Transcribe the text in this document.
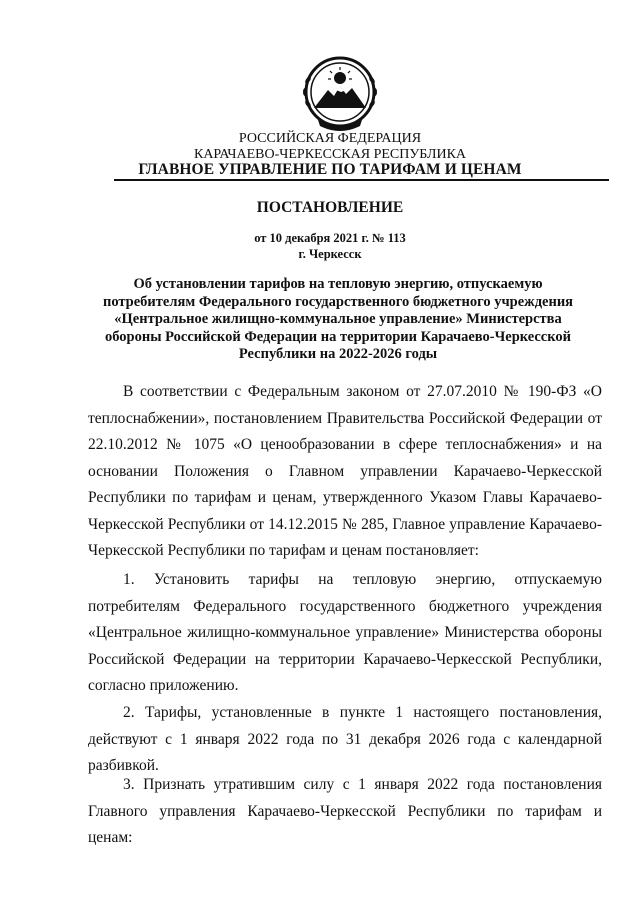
РОССИЙСКАЯ ФЕДЕРАЦИЯ
КАРАЧАЕВО-ЧЕРКЕССКАЯ РЕСПУБЛИКА
ГЛАВНОЕ УПРАВЛЕНИЕ ПО ТАРИФАМ И ЦЕНАМ
ПОСТАНОВЛЕНИЕ
от 10 декабря 2021 г. № 113
г. Черкесск
Об установлении тарифов на тепловую энергию, отпускаемую потребителям Федерального государственного бюджетного учреждения «Центральное жилищно-коммунальное управление» Министерства обороны Российской Федерации на территории Карачаево-Черкесской Республики на 2022-2026 годы

В соответствии с Федеральным законом от 27.07.2010 № 190-ФЗ «О теплоснабжении», постановлением Правительства Российской Федерации от 22.10.2012 № 1075 «О ценообразовании в сфере теплоснабжения» и на основании Положения о Главном управлении Карачаево-Черкесской Республики по тарифам и ценам, утвержденного Указом Главы Карачаево-Черкесской Республики от 14.12.2015 № 285, Главное управление Карачаево-Черкесской Республики по тарифам и ценам постановляет:

1. Установить тарифы на тепловую энергию, отпускаемую потребителям Федерального государственного бюджетного учреждения «Центральное жилищно-коммунальное управление» Министерства обороны Российской Федерации на территории Карачаево-Черкесской Республики, согласно приложению.

2. Тарифы, установленные в пункте 1 настоящего постановления, действуют с 1 января 2022 года по 31 декабря 2026 года с календарной разбивкой.

3. Признать утратившим силу с 1 января 2022 года постановления Главного управления Карачаево-Черкесской Республики по тарифам и ценам:
